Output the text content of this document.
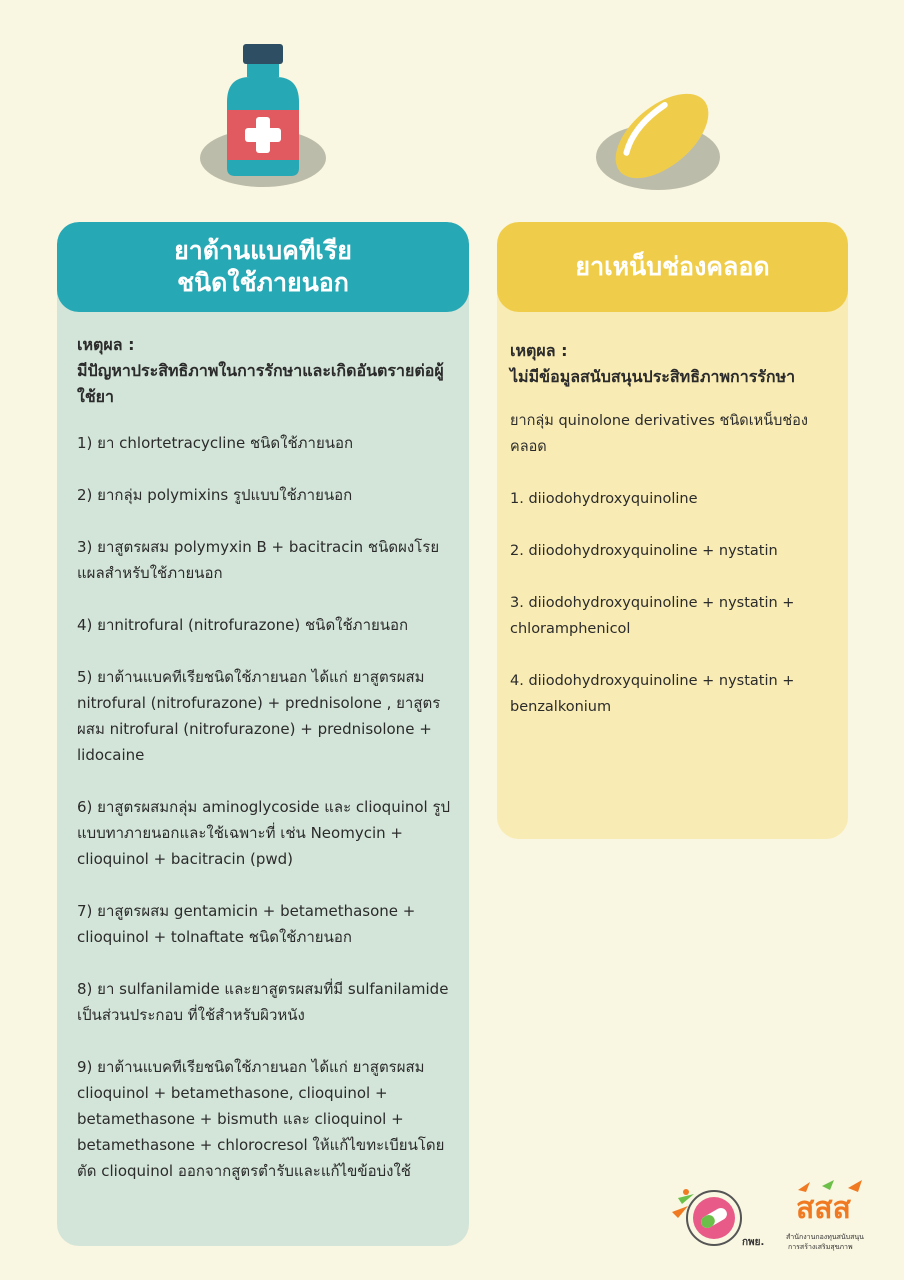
ยาต้านแบคทีเรีย
ชนิดใช้ภายนอก
เหตุผล :
มีปัญหาประสิทธิภาพในการรักษาและเกิดอันตรายต่อผู้ใช้ยา
1) ยา chlortetracycline ชนิดใช้ภายนอก
2) ยากลุ่ม polymixins รูปแบบใช้ภายนอก
3) ยาสูตรผสม polymyxin B + bacitracin ชนิดผงโรยแผลสำหรับใช้ภายนอก
4) ยาnitrofural (nitrofurazone) ชนิดใช้ภายนอก
5) ยาต้านแบคทีเรียชนิดใช้ภายนอก ได้แก่ ยาสูตรผสม nitrofural (nitrofurazone) + prednisolone , ยาสูตรผสม nitrofural (nitrofurazone) + prednisolone + lidocaine
6) ยาสูตรผสมกลุ่ม aminoglycoside และ clioquinol รูปแบบทาภายนอกและใช้เฉพาะที่ เช่น Neomycin + clioquinol + bacitracin (pwd)
7) ยาสูตรผสม gentamicin + betamethasone + clioquinol + tolnaftate ชนิดใช้ภายนอก
8) ยา sulfanilamide และยาสูตรผสมที่มี sulfanilamide เป็นส่วนประกอบ ที่ใช้สำหรับผิวหนัง
9) ยาต้านแบคทีเรียชนิดใช้ภายนอก ได้แก่ ยาสูตรผสม clioquinol + betamethasone, clioquinol + betamethasone + bismuth และ clioquinol + betamethasone + chlorocresol ให้แก้ไขทะเบียนโดยตัด clioquinol ออกจากสูตรตำรับและแก้ไขข้อบ่งใช้
ยาเหน็บช่องคลอด
เหตุผล :
ไม่มีข้อมูลสนับสนุนประสิทธิภาพการรักษา
ยากลุ่ม quinolone derivatives ชนิดเหน็บช่องคลอด
1. diiodohydroxyquinoline
2. diiodohydroxyquinoline + nystatin
3. diiodohydroxyquinoline + nystatin + chloramphenicol
4. diiodohydroxyquinoline + nystatin + benzalkonium
กพย.
สสส
สำนักงานกองทุนสนับสนุน
การสร้างเสริมสุขภาพ
